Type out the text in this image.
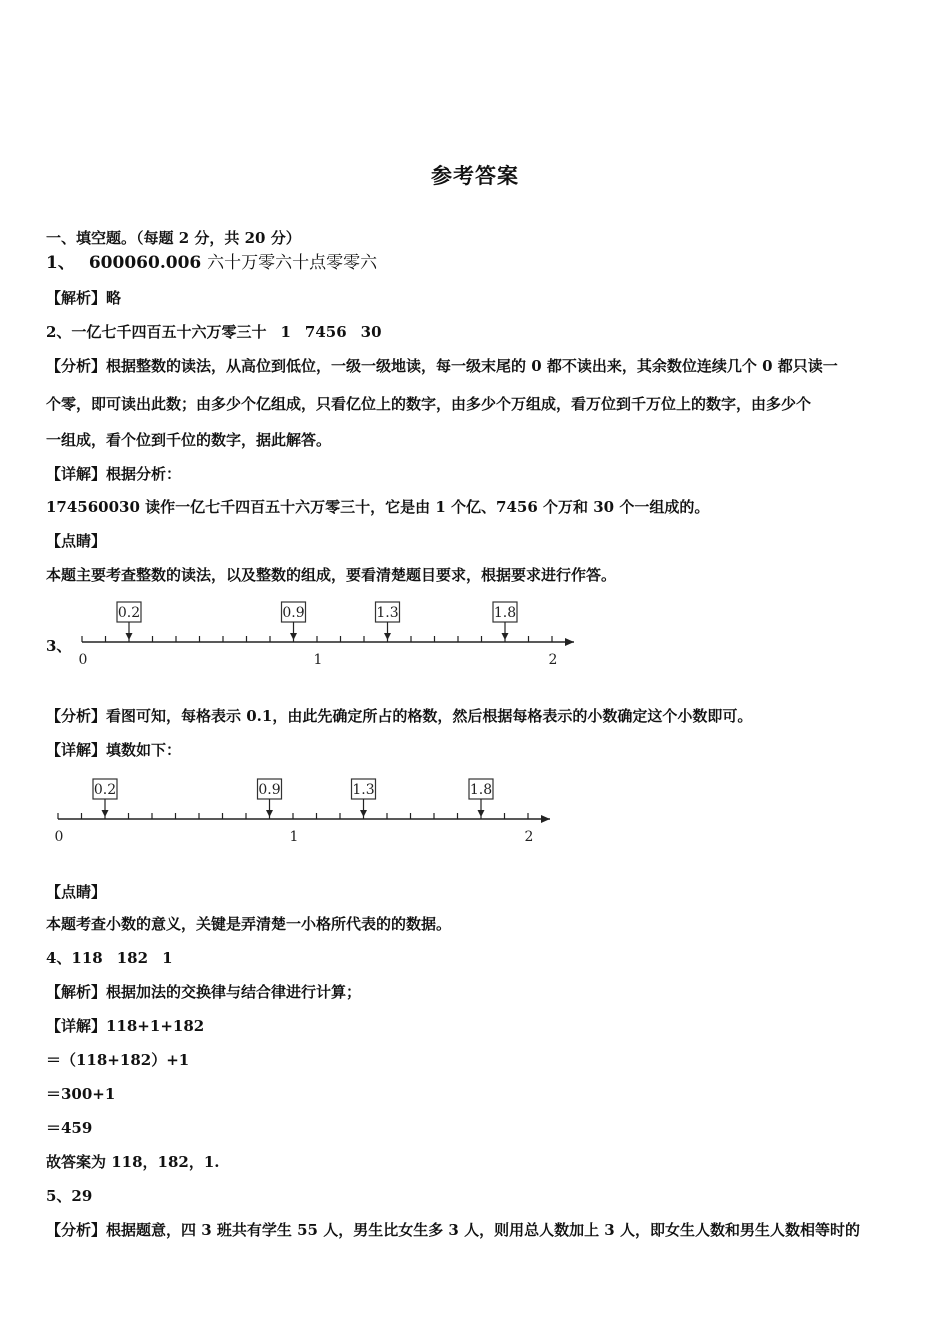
参考答案
一、填空题。（每题 2 分，共 20 分）
1、 600060.006 六十万零六十点零零六
【解析】略
2、一亿七千四百五十六万零三十 1 7456 30
【分析】根据整数的读法，从高位到低位，一级一级地读，每一级末尾的 0 都不读出来，其余数位连续几个 0 都只读一
个零，即可读出此数；由多少个亿组成，只看亿位上的数字，由多少个万组成，看万位到千万位上的数字，由多少个
一组成，看个位到千位的数字，据此解答。
【详解】根据分析：
174560030 读作一亿七千四百五十六万零三十，它是由 1 个亿、7456 个万和 30 个一组成的。
【点睛】
本题主要考查整数的读法，以及整数的组成，要看清楚题目要求，根据要求进行作答。
3、
0	1	2
0.2	0.9	1.3	1.8
【分析】看图可知，每格表示 0.1，由此先确定所占的格数，然后根据每格表示的小数确定这个小数即可。
【详解】填数如下：
0	1	2
0.2	0.9	1.3	1.8
【点睛】
本题考查小数的意义，关键是弄清楚一小格所代表的的数据。
4、118 182 1
【解析】根据加法的交换律与结合律进行计算；
【详解】118+1+182
＝（118+182）+1
＝300+1
＝459
故答案为 118，182，1.
5、29
【分析】根据题意，四 3 班共有学生 55 人，男生比女生多 3 人，则用总人数加上 3 人，即女生人数和男生人数相等时的
